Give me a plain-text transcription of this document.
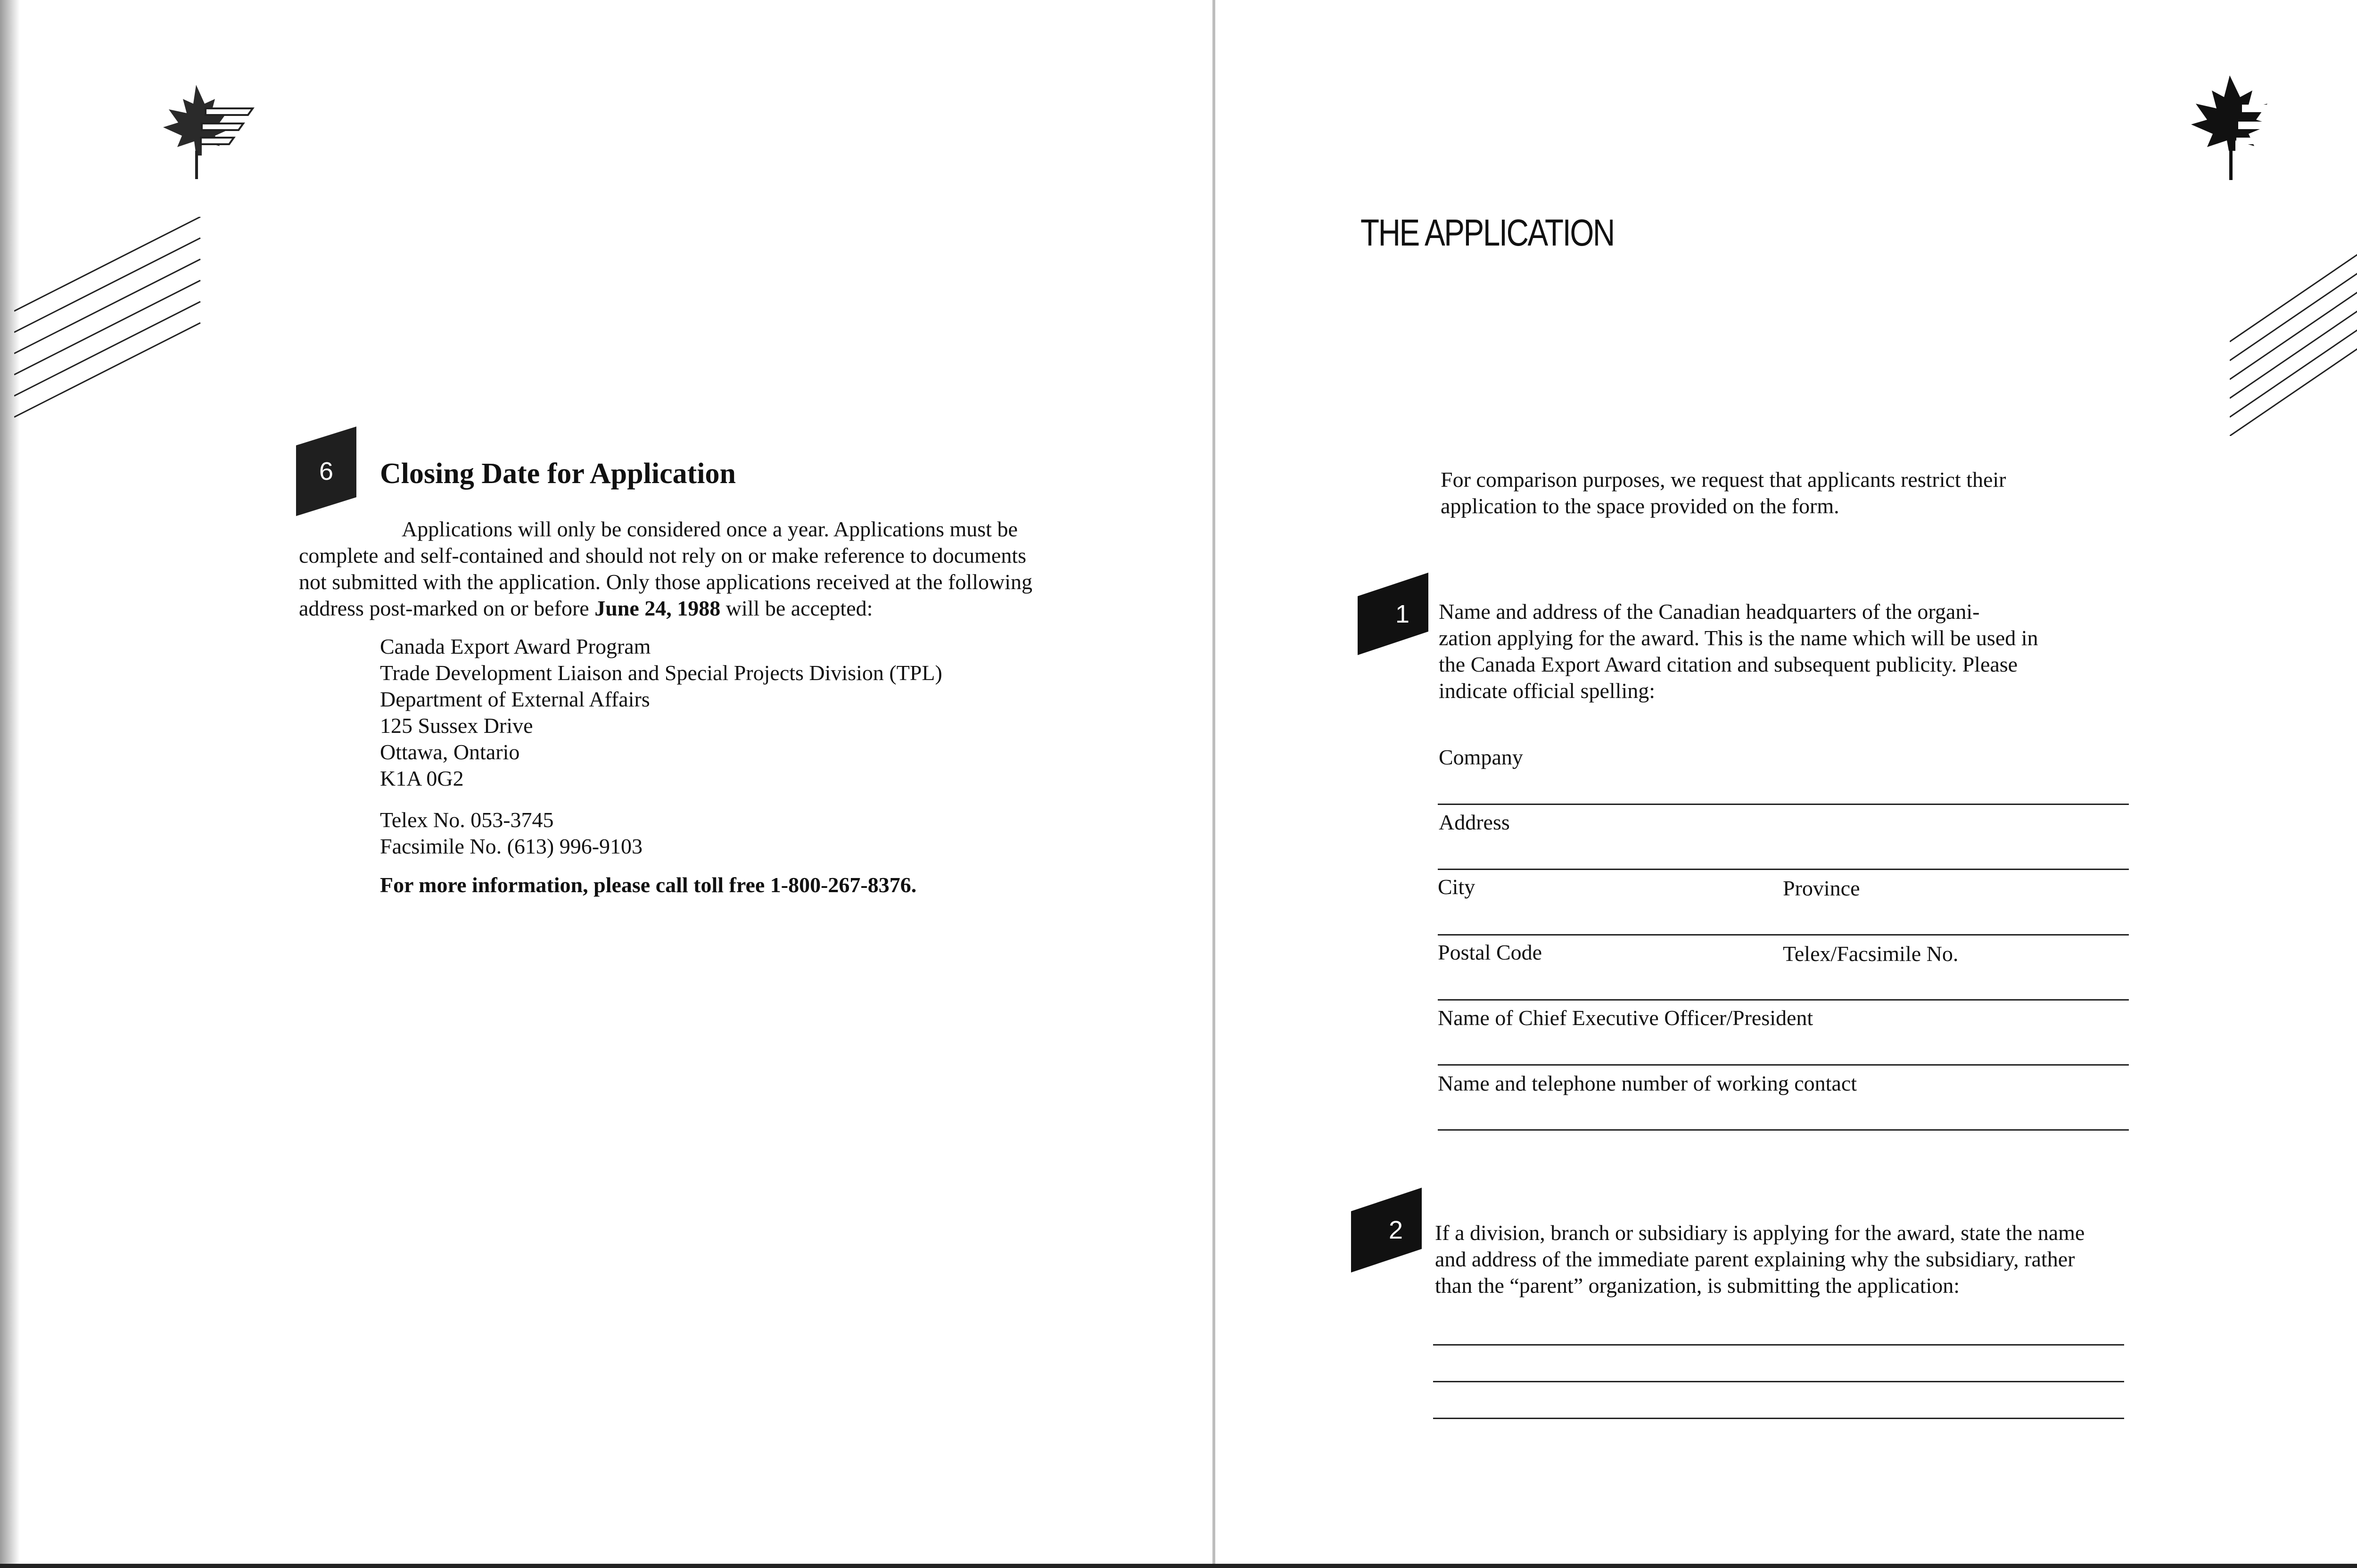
6	Closing Date for Application
Applications will only be considered once a year. Applications must be
complete and self-contained and should not rely on or make reference to documents
not submitted with the application. Only those applications received at the following
address post-marked on or before June 24, 1988 will be accepted:
Canada Export Award Program
Trade Development Liaison and Special Projects Division (TPL)
Department of External Affairs
125 Sussex Drive
Ottawa, Ontario
K1A 0G2
Telex No. 053-3745
Facsimile No. (613) 996-9103
For more information, please call toll free 1-800-267-8376.
THE APPLICATION
For comparison purposes, we request that applicants restrict their
application to the space provided on the form.
1	Name and address of the Canadian headquarters of the organi-
zation applying for the award. This is the name which will be used in
the Canada Export Award citation and subsequent publicity. Please
indicate official spelling:
Company
Address
City	Province
Postal Code	Telex/Facsimile No.
Name of Chief Executive Officer/President
Name and telephone number of working contact
2	If a division, branch or subsidiary is applying for the award, state the name
and address of the immediate parent explaining why the subsidiary, rather
than the “parent” organization, is submitting the application:
